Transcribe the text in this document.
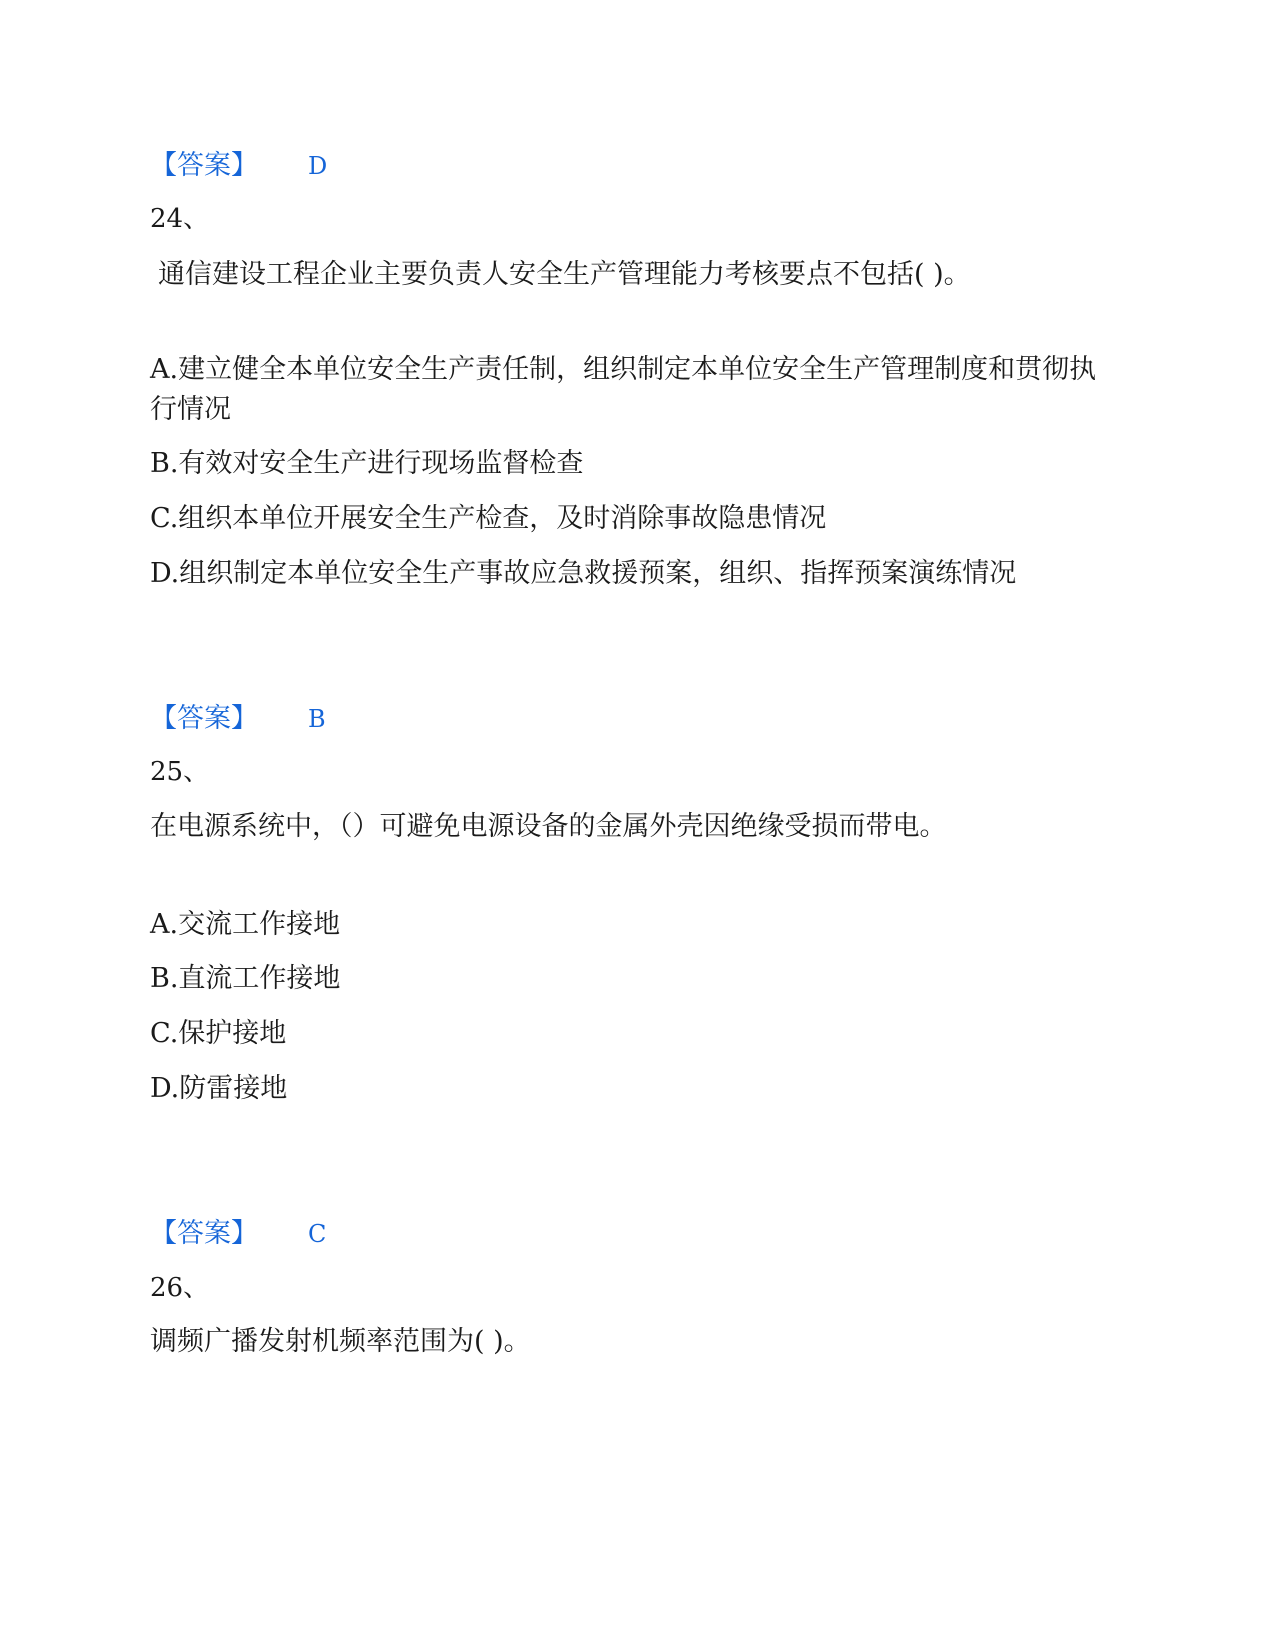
【答案】 D
24、
通信建设工程企业主要负责人安全生产管理能力考核要点不包括( )。
A.建立健全本单位安全生产责任制，组织制定本单位安全生产管理制度和贯彻执行情况
B.有效对安全生产进行现场监督检查
C.组织本单位开展安全生产检查，及时消除事故隐患情况
D.组织制定本单位安全生产事故应急救援预案，组织、指挥预案演练情况
【答案】 B
25、
在电源系统中，（）可避免电源设备的金属外壳因绝缘受损而带电。
A.交流工作接地
B.直流工作接地
C.保护接地
D.防雷接地
【答案】 C
26、
调频广播发射机频率范围为( )。
